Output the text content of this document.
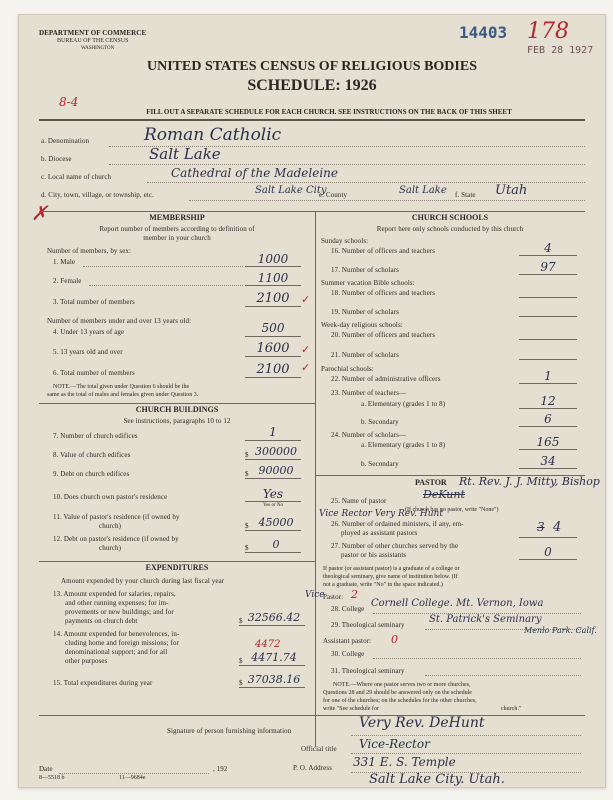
DEPARTMENT OF COMMERCE
BUREAU OF THE CENSUS
WASHINGTON
14403 178
FEB 28 1927
UNITED STATES CENSUS OF RELIGIOUS BODIES
SCHEDULE: 1926
8-4
FILL OUT A SEPARATE SCHEDULE FOR EACH CHURCH. SEE INSTRUCTIONS ON THE BACK OF THIS SHEET
a. Denomination	Roman Catholic
b. Diocese	Salt Lake
c. Local name of church	Cathedral of the Madeleine
d. City, town, village, or township, etc.	Salt Lake City
e. County	Salt Lake f. State Utah
✗	MEMBERSHIP
Report number of members according to definition of
member in your church
Number of members, by sex:
1. Male	1000
2. Female	1100
3. Total number of members	2100	✓
Number of members under and over 13 years old:
4. Under 13 years of age	500
5. 13 years old and over	1600	✓
6. Total number of members	2100	✓
NOTE.—The total given under Question 6 should be the
same as the total of males and females given under Question 3.
CHURCH BUILDINGS
See instructions, paragraphs 10 to 12
7. Number of church edifices	1
8. Value of church edifices	$ 300000
9. Debt on church edifices	$ 90000
10. Does church own pastor's residence	Yes
Yes or No
11. Value of pastor's residence (if owned by
church)	$ 45000
12. Debt on pastor's residence (if owned by
church)	$	0
EXPENDITURES
Amount expended by your church during last fiscal year
13. Amount expended for salaries, repairs,
and other running expenses; for im-
provements or new buildings; and for
payments on church debt	$ 32566.42
14. Amount expended for benevolences, in-
cluding home and foreign missions; for
denominational support; and for all
other purposes
4472
$ 4471.74
15. Total expenditures during year	$ 37038.16
CHURCH SCHOOLS
Report here only schools conducted by this church
Sunday schools:
16. Number of officers and teachers	4
17. Number of scholars	97
Summer vacation Bible schools:
18. Number of officers and teachers
19. Number of scholars
Week-day religious schools:
20. Number of officers and teachers
21. Number of scholars
Parochial schools:
22. Number of administrative officers	1
23. Number of teachers—
a. Elementary (grades 1 to 8)	12
b. Secondary	6
24. Number of scholars—
a. Elementary (grades 1 to 8)	165
b. Secondary	34
PASTOR Rt. Rev. J. J. Mitty, Bishop
25. Name of pastor	DeKunt
(If church has no pastor, write "None")
Vice Rector Very Rev. Hunt
26. Number of ordained ministers, if any, em-
ployed as assistant pastors	3 4
27. Number of other churches served by the
pastor or his assistants	0
If pastor (or assistant pastor) is a graduate of a college or
theological seminary, give name of institution below. (If
not a graduate, write "No" in the space indicated.)
Vice
Pastor: 2
28. College Cornell College. Mt. Vernon, Iowa
29. Theological seminary St. Patrick's Seminary
Menlo Park. Calif.
Assistant pastor: 0
30. College
31. Theological seminary
NOTE.—Where one pastor serves two or more churches,
Questions 28 and 29 should be answered only on the schedule
for one of the churches; on the schedules for the other churches,
write "See schedule for	church."
Signature of person furnishing information	Very Rev. DeHunt
Official title Vice-Rector
Date	, 192	P. O. Address 331 E. S. Temple
Salt Lake City. Utah.
8—5518 b	11—9684e
